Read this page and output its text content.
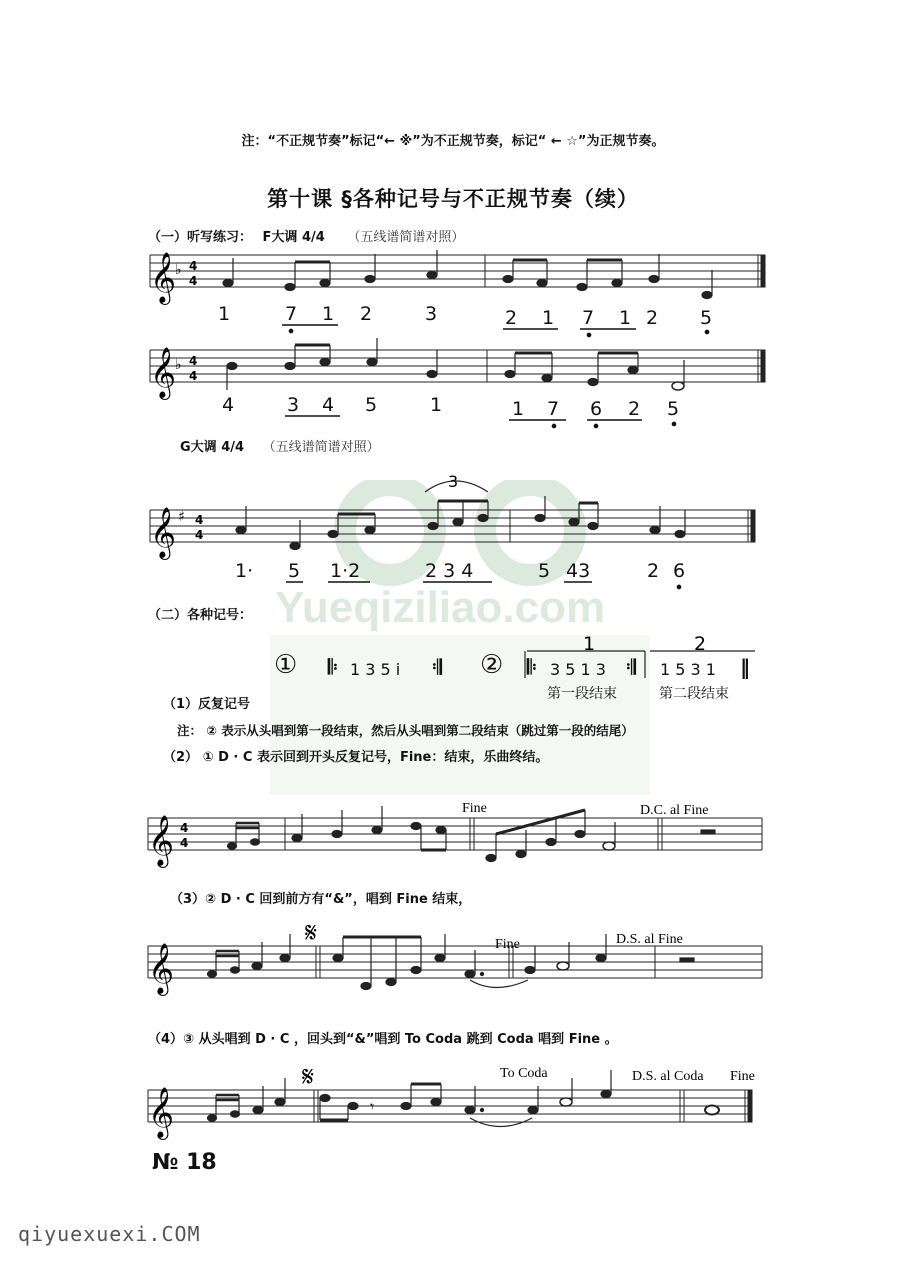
注：“不正规节奏”标记“← ※”为不正规节奏，标记“ ← ☆”为正规节奏。
第十课 §各种记号与不正规节奏（续）
（一）听写练习： F大调 4/4 （五线谱简谱对照）
Yueqiziliao.com
𝄞
♭ 4
4
1	7 1 2	3	2 1 7 1 2 5
𝄞
♭ 4
4
4	3 4 5	1	1 7 6 2 5
𝄞 ♯ 4
4
3
1· 5 1·2	2 3 4	5 43	2 6
1	2
𝄞 4
4
Fine	D.C. al Fine
𝄞
𝄋	Fine	D.S. al Fine
𝄞
𝄋
𝄾
To Coda	D.S. al Coda Fine
G大调 4/4 （五线谱简谱对照）
（二）各种记号：
① 𝄆 1 3 5 i 𝄇 ② 𝄆 3 5 1 3 𝄇 1 5 3 1 ‖
第一段结束	第二段结束
（1）反复记号
注： ② 表示从头唱到第一段结束，然后从头唱到第二段结束（跳过第一段的结尾）
（2） ① D · C 表示回到开头反复记号，Fine：结束，乐曲终结。
（3）② D · C 回到前方有“&”，唱到 Fine 结束，
（4）③ 从头唱到 D · C ，回头到“&”唱到 To Coda 跳到 Coda 唱到 Fine 。
№ 18
qiyuexuexi.COM
